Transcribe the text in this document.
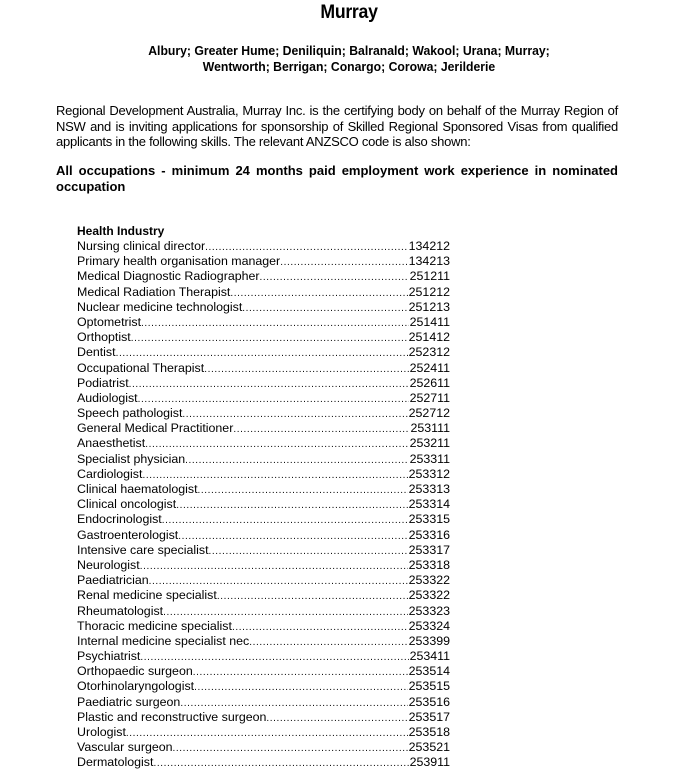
Murray
Albury; Greater Hume; Deniliquin; Balranald; Wakool; Urana; Murray;
Wentworth; Berrigan; Conargo; Corowa; Jerilderie
Regional Development Australia, Murray Inc. is the certifying body on behalf of the Murray Region of NSW and is inviting applications for sponsorship of Skilled Regional Sponsored Visas from qualified applicants in the following skills. The relevant ANZSCO code is also shown:
All occupations - minimum 24 months paid employment work experience in nominated occupation
Health Industry
Nursing clinical director .....	134212
Primary health organisation manager .....	134213
Medical Diagnostic Radiographer .....	251211
Medical Radiation Therapist .....	251212
Nuclear medicine technologist .....	251213
Optometrist .....	251411
Orthoptist .....	251412
Dentist .....	252312
Occupational Therapist .....	252411
Podiatrist .....	252611
Audiologist .....	252711
Speech pathologist .....	252712
General Medical Practitioner .....	253111
Anaesthetist .....	253211
Specialist physician .....	253311
Cardiologist .....	253312
Clinical haematologist .....	253313
Clinical oncologist .....	253314
Endocrinologist .....	253315
Gastroenterologist .....	253316
Intensive care specialist .....	253317
Neurologist .....	253318
Paediatrician .....	253322
Renal medicine specialist .....	253322
Rheumatologist .....	253323
Thoracic medicine specialist .....	253324
Internal medicine specialist nec .....	253399
Psychiatrist .....	253411
Orthopaedic surgeon .....	253514
Otorhinolaryngologist .....	253515
Paediatric surgeon .....	253516
Plastic and reconstructive surgeon .....	253517
Urologist .....	253518
Vascular surgeon .....	253521
Dermatologist .....	253911
